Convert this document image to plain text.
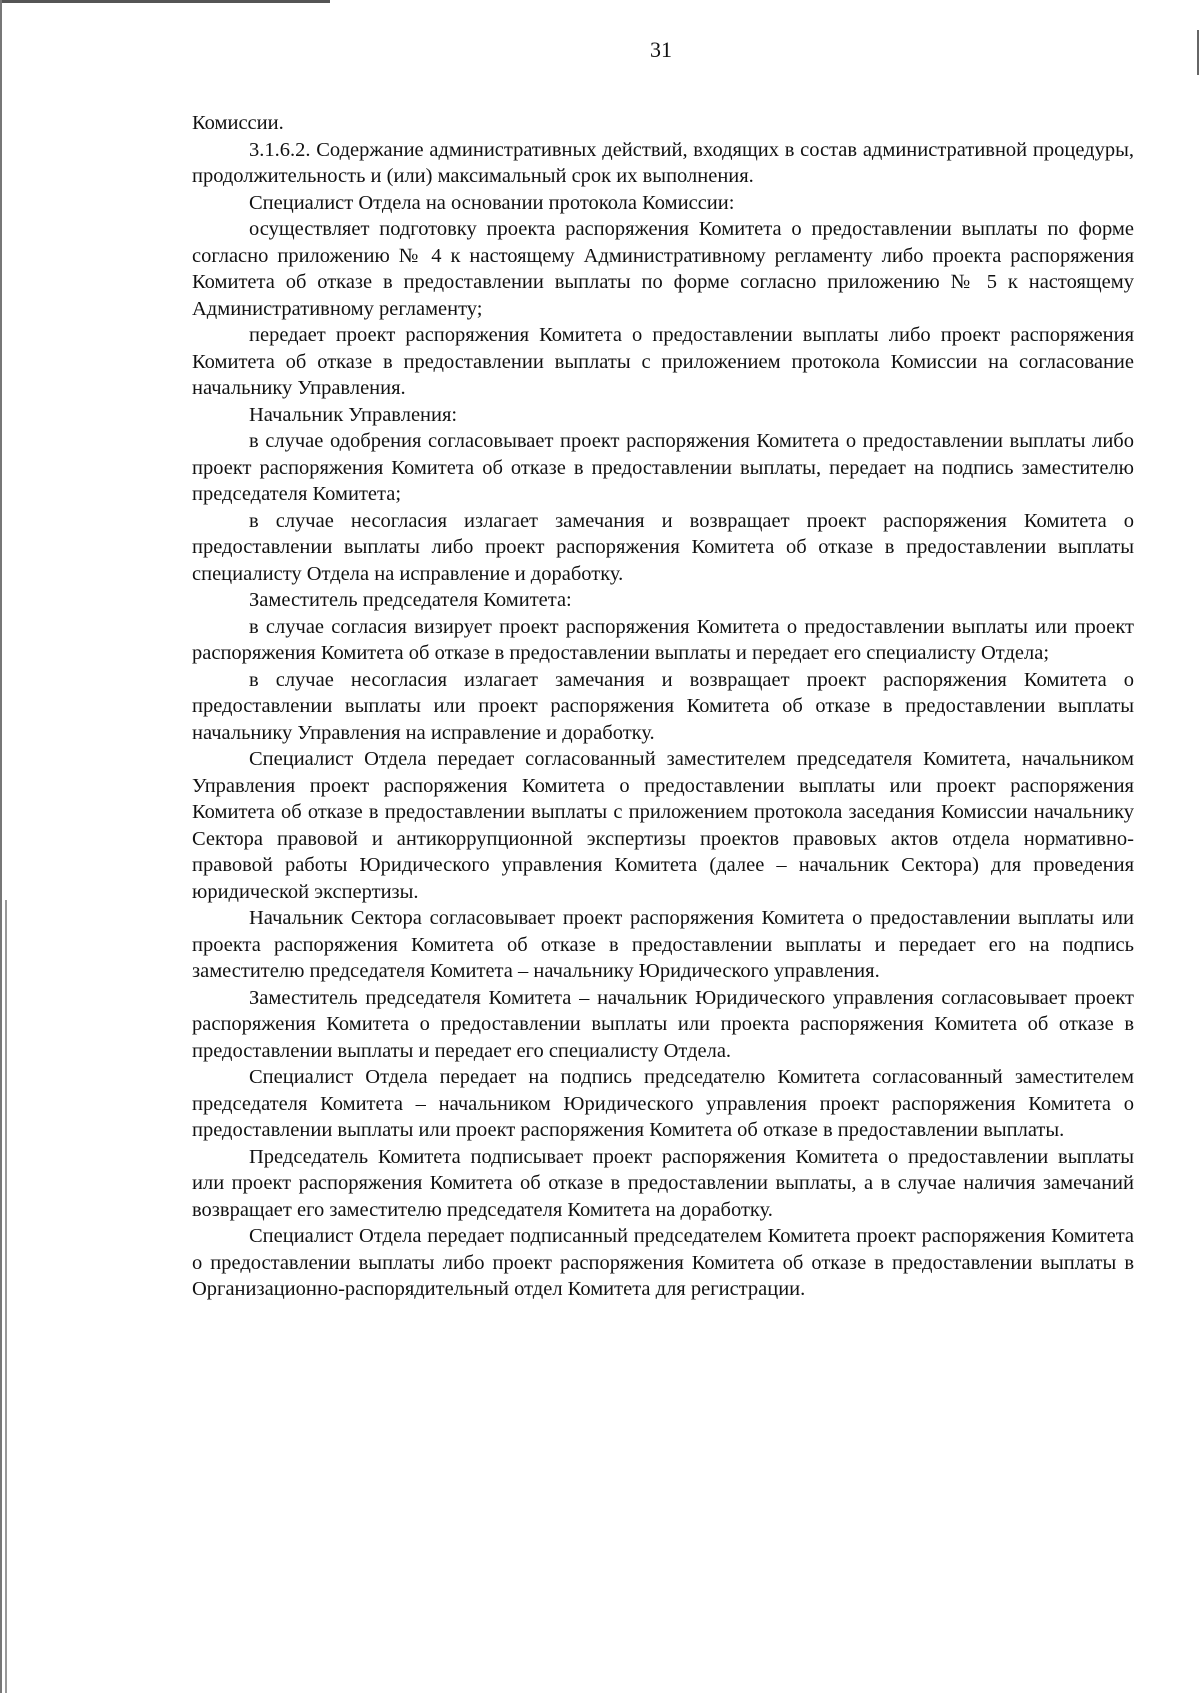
31

Комиссии.

3.1.6.2. Содержание административных действий, входящих в состав административной процедуры, продолжительность и (или) максимальный срок их выполнения.

Специалист Отдела на основании протокола Комиссии:

осуществляет подготовку проекта распоряжения Комитета о предоставлении выплаты по форме согласно приложению № 4 к настоящему Административному регламенту либо проекта распоряжения Комитета об отказе в предоставлении выплаты по форме согласно приложению № 5 к настоящему Административному регламенту;

передает проект распоряжения Комитета о предоставлении выплаты либо проект распоряжения Комитета об отказе в предоставлении выплаты с приложением протокола Комиссии на согласование начальнику Управления.

Начальник Управления:

в случае одобрения согласовывает проект распоряжения Комитета о предоставлении выплаты либо проект распоряжения Комитета об отказе в предоставлении выплаты, передает на подпись заместителю председателя Комитета;

в случае несогласия излагает замечания и возвращает проект распоряжения Комитета о предоставлении выплаты либо проект распоряжения Комитета об отказе в предоставлении выплаты специалисту Отдела на исправление и доработку.

Заместитель председателя Комитета:

в случае согласия визирует проект распоряжения Комитета о предоставлении выплаты или проект распоряжения Комитета об отказе в предоставлении выплаты и передает его специалисту Отдела;

в случае несогласия излагает замечания и возвращает проект распоряжения Комитета о предоставлении выплаты или проект распоряжения Комитета об отказе в предоставлении выплаты начальнику Управления на исправление и доработку.

Специалист Отдела передает согласованный заместителем председателя Комитета, начальником Управления проект распоряжения Комитета о предоставлении выплаты или проект распоряжения Комитета об отказе в предоставлении выплаты с приложением протокола заседания Комиссии начальнику Сектора правовой и антикоррупционной экспертизы проектов правовых актов отдела нормативно-правовой работы Юридического управления Комитета (далее – начальник Сектора) для проведения юридической экспертизы.

Начальник Сектора согласовывает проект распоряжения Комитета о предоставлении выплаты или проекта распоряжения Комитета об отказе в предоставлении выплаты и передает его на подпись заместителю председателя Комитета – начальнику Юридического управления.

Заместитель председателя Комитета – начальник Юридического управления согласовывает проект распоряжения Комитета о предоставлении выплаты или проекта распоряжения Комитета об отказе в предоставлении выплаты и передает его специалисту Отдела.

Специалист Отдела передает на подпись председателю Комитета согласованный заместителем председателя Комитета – начальником Юридического управления проект распоряжения Комитета о предоставлении выплаты или проект распоряжения Комитета об отказе в предоставлении выплаты.

Председатель Комитета подписывает проект распоряжения Комитета о предоставлении выплаты или проект распоряжения Комитета об отказе в предоставлении выплаты, а в случае наличия замечаний возвращает его заместителю председателя Комитета на доработку.

Специалист Отдела передает подписанный председателем Комитета проект распоряжения Комитета о предоставлении выплаты либо проект распоряжения Комитета об отказе в предоставлении выплаты в Организационно-распорядительный отдел Комитета для регистрации.
